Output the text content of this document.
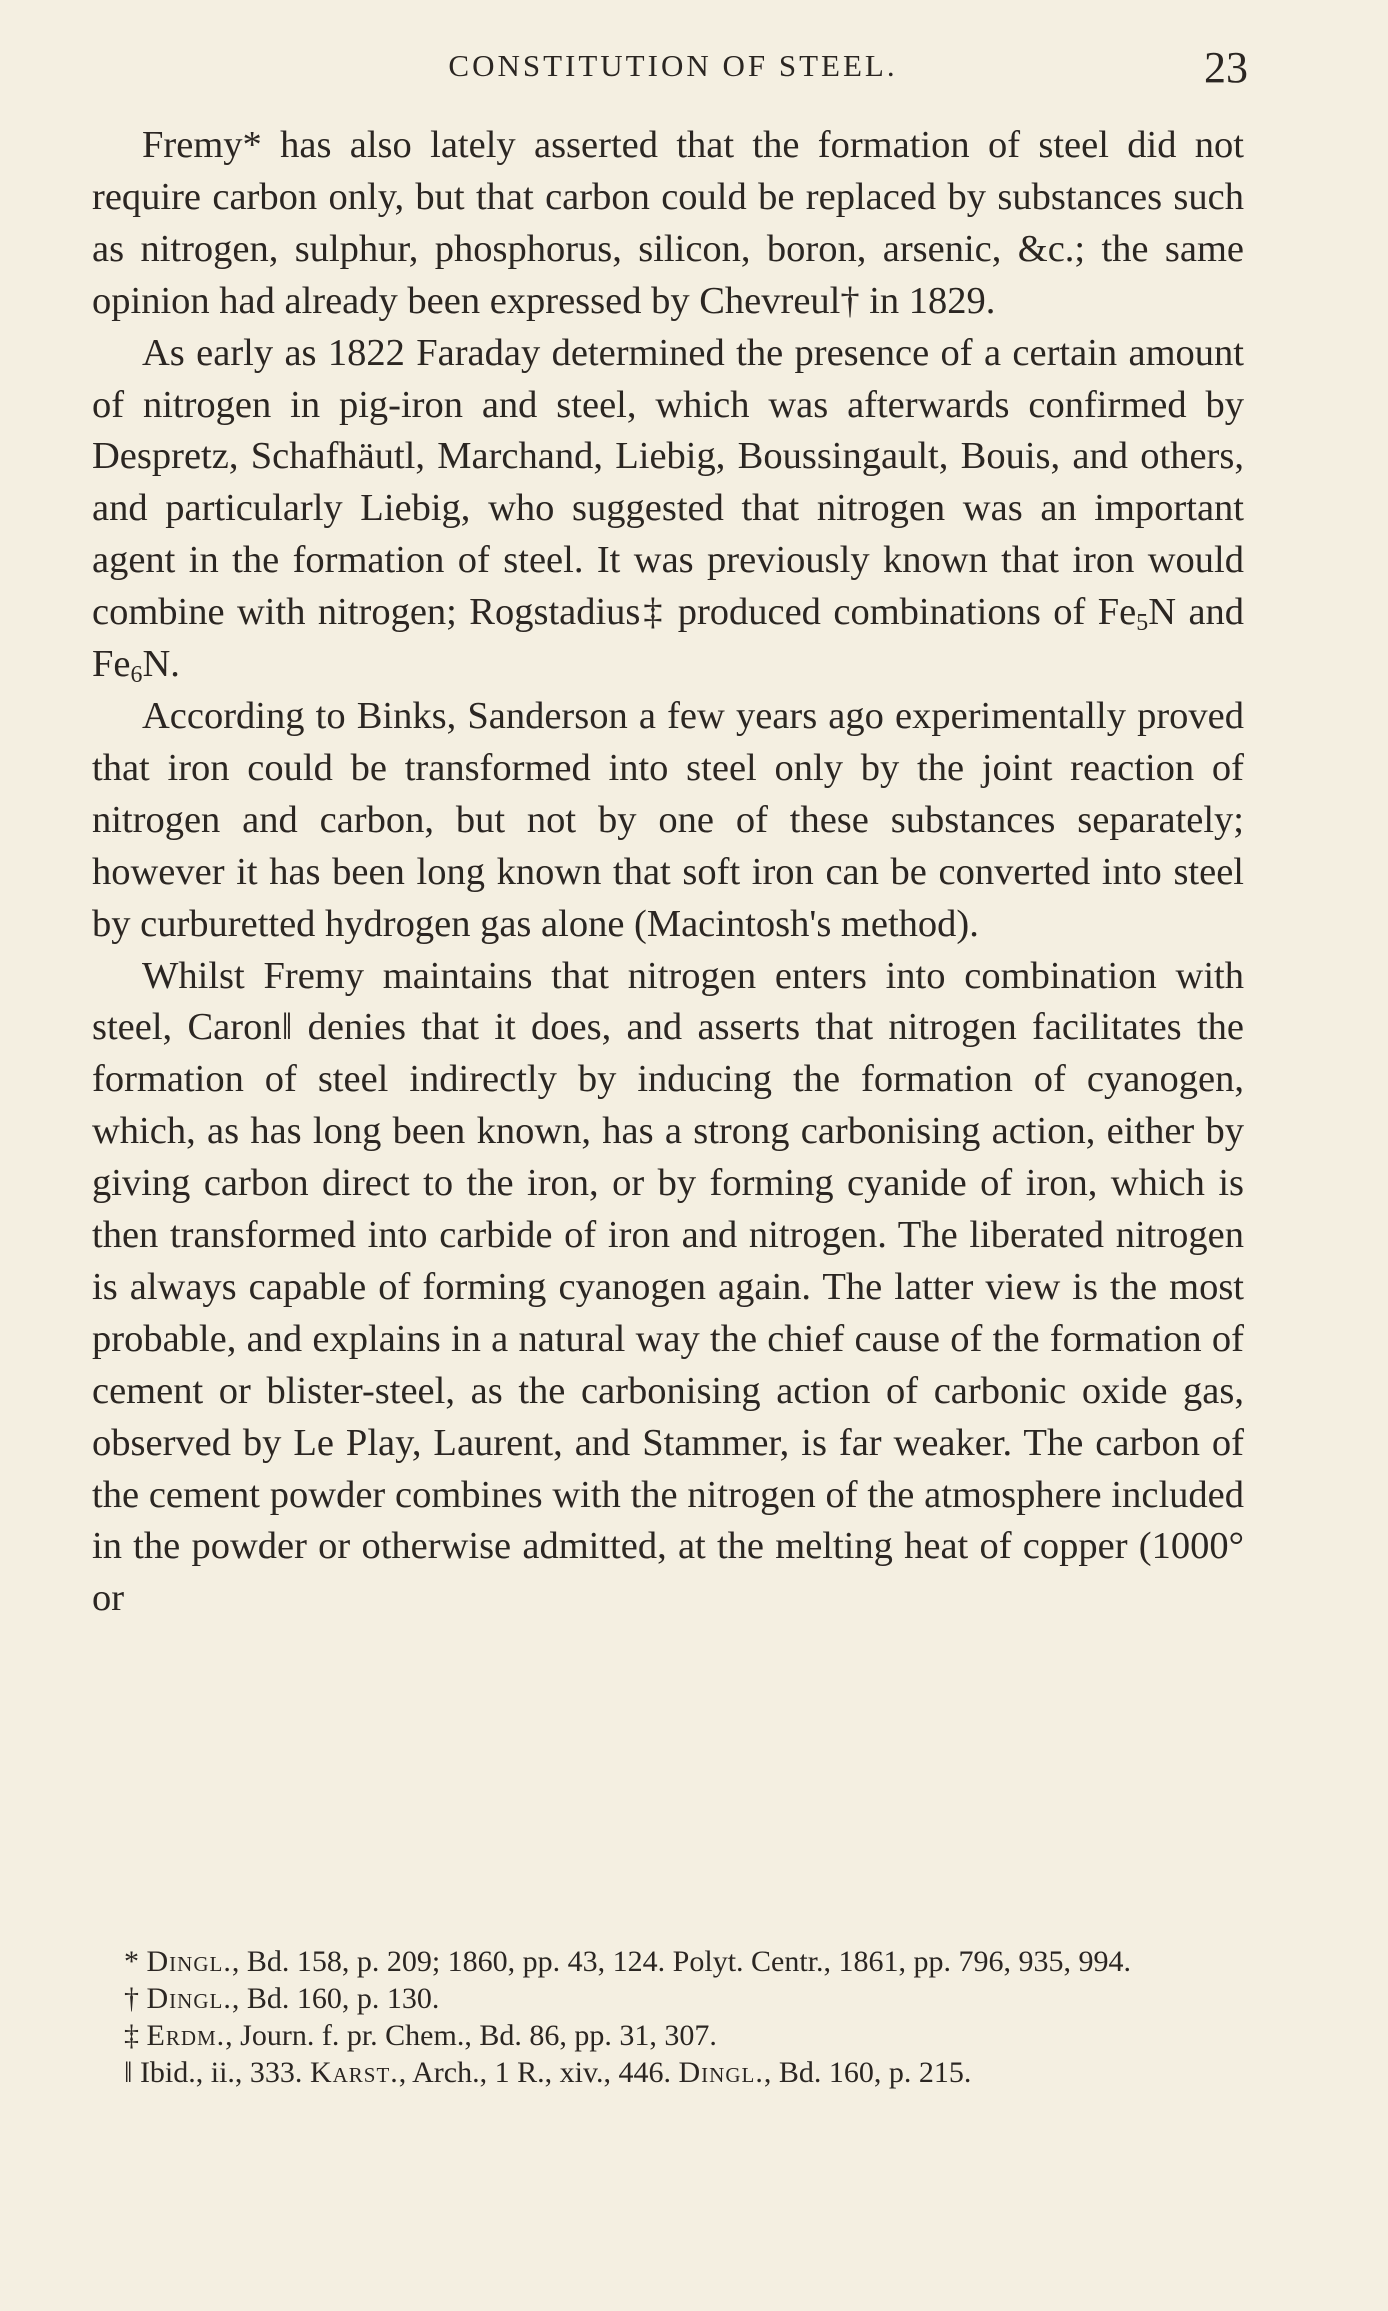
CONSTITUTION OF STEEL.	23

Fremy* has also lately asserted that the formation of steel did not require carbon only, but that carbon could be replaced by substances such as nitrogen, sulphur, phosphorus, silicon, boron, arsenic, &c.; the same opinion had already been expressed by Chevreul† in 1829.

As early as 1822 Faraday determined the presence of a certain amount of nitrogen in pig-iron and steel, which was afterwards confirmed by Despretz, Schafhäutl, Marchand, Liebig, Boussingault, Bouis, and others, and particularly Liebig, who suggested that nitrogen was an important agent in the formation of steel. It was previously known that iron would combine with nitrogen; Rogstadius‡ produced combinations of $Fe_5N$ and $Fe_6N$.

According to Binks, Sanderson a few years ago experimentally proved that iron could be transformed into steel only by the joint reaction of nitrogen and carbon, but not by one of these substances separately; however it has been long known that soft iron can be converted into steel by curburetted hydrogen gas alone (Macintosh's method).

Whilst Fremy maintains that nitrogen enters into combination with steel, Caron‖ denies that it does, and asserts that nitrogen facilitates the formation of steel indirectly by inducing the formation of cyanogen, which, as has long been known, has a strong carbonising action, either by giving carbon direct to the iron, or by forming cyanide of iron, which is then transformed into carbide of iron and nitrogen. The liberated nitrogen is always capable of forming cyanogen again. The latter view is the most probable, and explains in a natural way the chief cause of the formation of cement or blister-steel, as the carbonising action of carbonic oxide gas, observed by Le Play, Laurent, and Stammer, is far weaker. The carbon of the cement powder combines with the nitrogen of the atmosphere included in the powder or otherwise admitted, at the melting heat of copper (1000° or

* Dingl., Bd. 158, p. 209; 1860, pp. 43, 124. Polyt. Centr., 1861, pp. 796, 935, 994.

† Dingl., Bd. 160, p. 130.

‡ Erdm., Journ. f. pr. Chem., Bd. 86, pp. 31, 307.

‖ Ibid., ii., 333. Karst., Arch., 1 R., xiv., 446. Dingl., Bd. 160, p. 215.
